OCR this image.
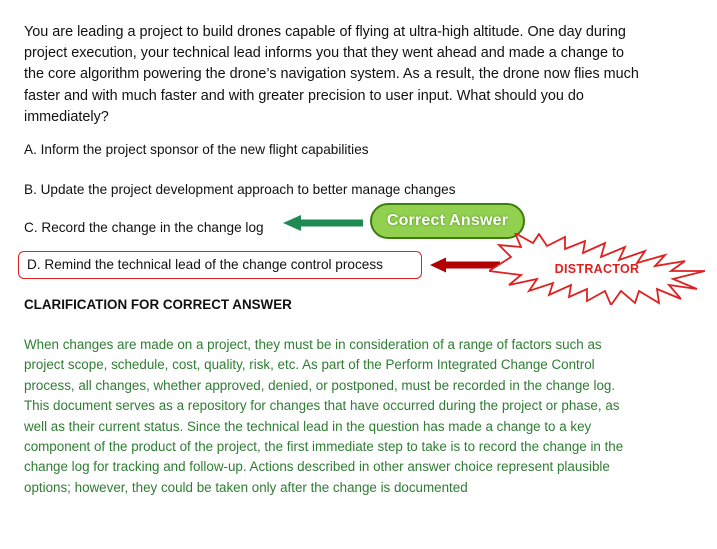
You are leading a project to build drones capable of flying at ultra-high altitude. One day during project execution, your technical lead informs you that they went ahead and made a change to the core algorithm powering the drone’s navigation system. As a result, the drone now flies much faster and with much faster and with greater precision to user input. What should you do immediately?
A. Inform the project sponsor of the new flight capabilities
B. Update the project development approach to better manage changes
C. Record the change in the change log
D. Remind the technical lead of the change control process
Correct Answer
DISTRACTOR
CLARIFICATION FOR CORRECT ANSWER
When changes are made on a project, they must be in consideration of a range of factors such as project scope, schedule, cost, quality, risk, etc. As part of the Perform Integrated Change Control process, all changes, whether approved, denied, or postponed, must be recorded in the change log. This document serves as a repository for changes that have occurred during the project or phase, as well as their current status. Since the technical lead in the question has made a change to a key component of the product of the project, the first immediate step to take is to record the change in the change log for tracking and follow-up. Actions described in other answer choice represent plausible options; however, they could be taken only after the change is documented
